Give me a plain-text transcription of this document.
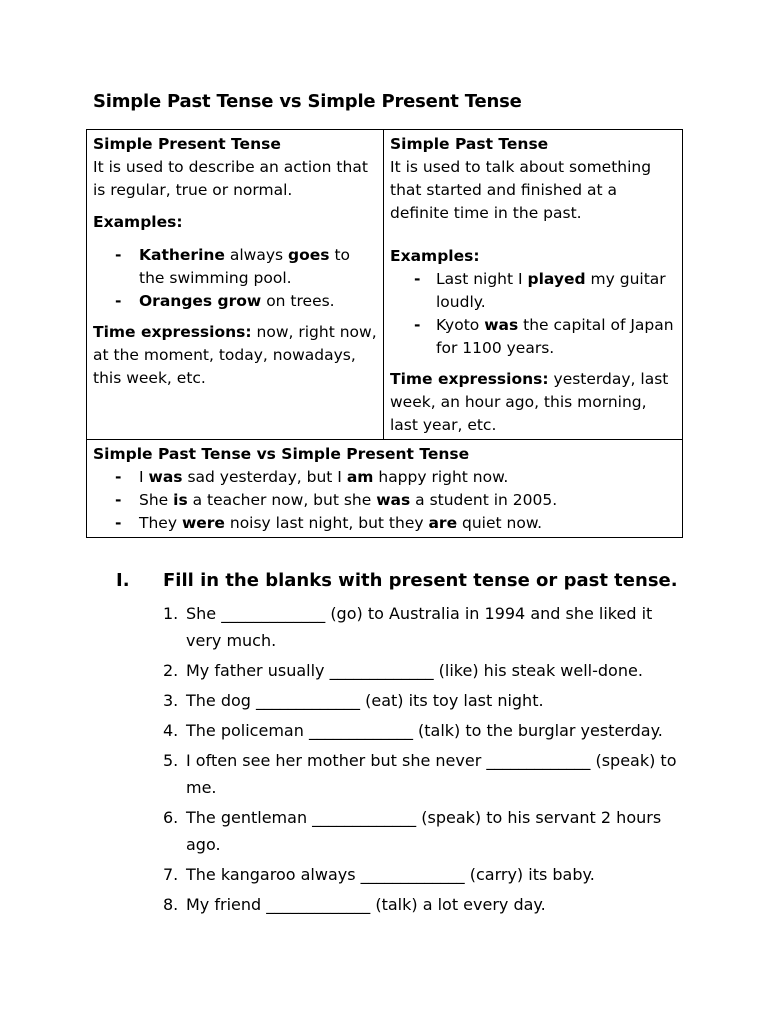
Simple Past Tense vs Simple Present Tense
Simple Present Tense

It is used to describe an action that is regular, true or normal.

Examples:
- Katherine always goes to the swimming pool.
- Oranges grow on trees.

Time expressions: now, right now, at the moment, today, nowadays, this week, etc.

Simple Past Tense

It is used to talk about something that started and finished at a definite time in the past.

Examples:
- Last night I played my guitar loudly.
- Kyoto was the capital of Japan for 1100 years.

Time expressions: yesterday, last week, an hour ago, this morning, last year, etc.

Simple Past Tense vs Simple Present Tense
- I was sad yesterday, but I am happy right now.
- She is a teacher now, but she was a student in 2005.
- They were noisy last night, but they are quiet now.
I. Fill in the blanks with present tense or past tense.
1. She _____________ (go) to Australia in 1994 and she liked it very much.
2. My father usually _____________ (like) his steak well-done.
3. The dog _____________ (eat) its toy last night.
4. The policeman _____________ (talk) to the burglar yesterday.
5. I often see her mother but she never _____________ (speak) to me.
6. The gentleman _____________ (speak) to his servant 2 hours ago.
7. The kangaroo always _____________ (carry) its baby.
8. My friend _____________ (talk) a lot every day.
